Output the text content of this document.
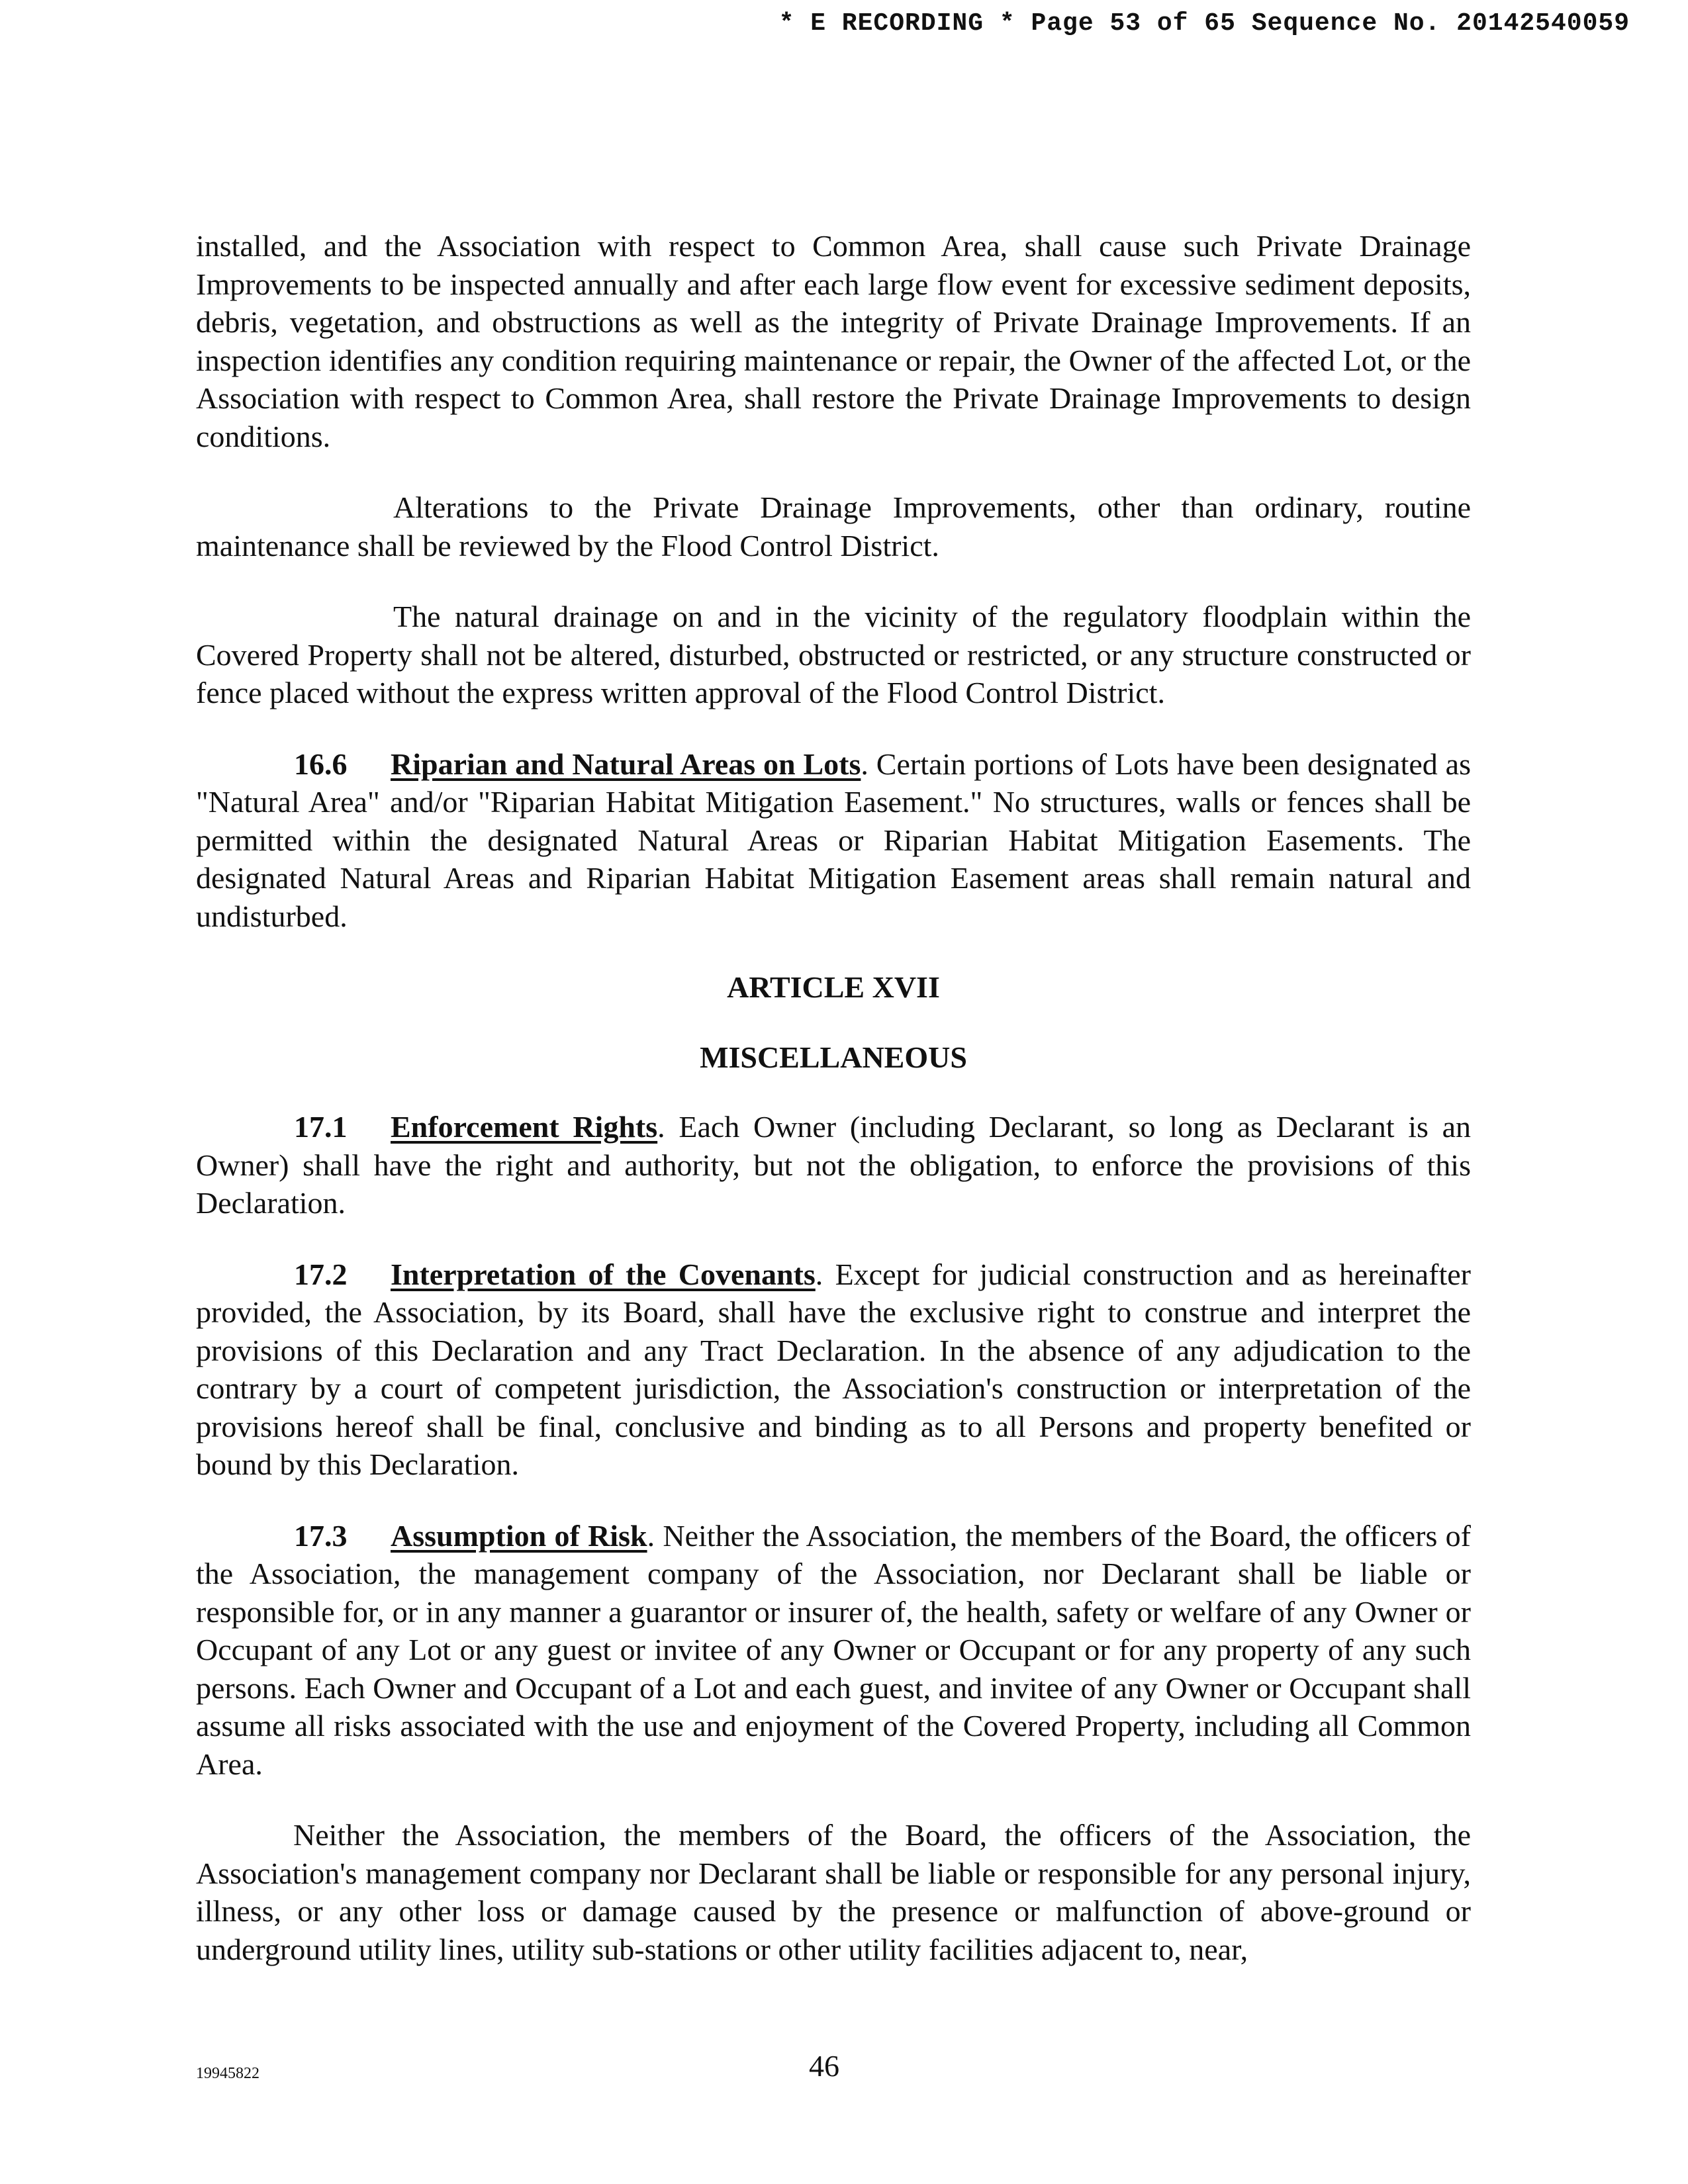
* E RECORDING * Page 53 of 65 Sequence No. 20142540059

installed, and the Association with respect to Common Area, shall cause such Private Drainage Improvements to be inspected annually and after each large flow event for excessive sediment deposits, debris, vegetation, and obstructions as well as the integrity of Private Drainage Improvements. If an inspection identifies any condition requiring maintenance or repair, the Owner of the affected Lot, or the Association with respect to Common Area, shall restore the Private Drainage Improvements to design conditions.

Alterations to the Private Drainage Improvements, other than ordinary, routine maintenance shall be reviewed by the Flood Control District.

The natural drainage on and in the vicinity of the regulatory floodplain within the Covered Property shall not be altered, disturbed, obstructed or restricted, or any structure constructed or fence placed without the express written approval of the Flood Control District.

16.6 Riparian and Natural Areas on Lots. Certain portions of Lots have been designated as "Natural Area" and/or "Riparian Habitat Mitigation Easement." No structures, walls or fences shall be permitted within the designated Natural Areas or Riparian Habitat Mitigation Easements. The designated Natural Areas and Riparian Habitat Mitigation Easement areas shall remain natural and undisturbed.

ARTICLE XVII
MISCELLANEOUS

17.1 Enforcement Rights. Each Owner (including Declarant, so long as Declarant is an Owner) shall have the right and authority, but not the obligation, to enforce the provisions of this Declaration.

17.2 Interpretation of the Covenants. Except for judicial construction and as hereinafter provided, the Association, by its Board, shall have the exclusive right to construe and interpret the provisions of this Declaration and any Tract Declaration. In the absence of any adjudication to the contrary by a court of competent jurisdiction, the Association's construction or interpretation of the provisions hereof shall be final, conclusive and binding as to all Persons and property benefited or bound by this Declaration.

17.3 Assumption of Risk. Neither the Association, the members of the Board, the officers of the Association, the management company of the Association, nor Declarant shall be liable or responsible for, or in any manner a guarantor or insurer of, the health, safety or welfare of any Owner or Occupant of any Lot or any guest or invitee of any Owner or Occupant or for any property of any such persons. Each Owner and Occupant of a Lot and each guest, and invitee of any Owner or Occupant shall assume all risks associated with the use and enjoyment of the Covered Property, including all Common Area.

Neither the Association, the members of the Board, the officers of the Association, the Association's management company nor Declarant shall be liable or responsible for any personal injury, illness, or any other loss or damage caused by the presence or malfunction of above-ground or underground utility lines, utility sub-stations or other utility facilities adjacent to, near,

19945822	46
